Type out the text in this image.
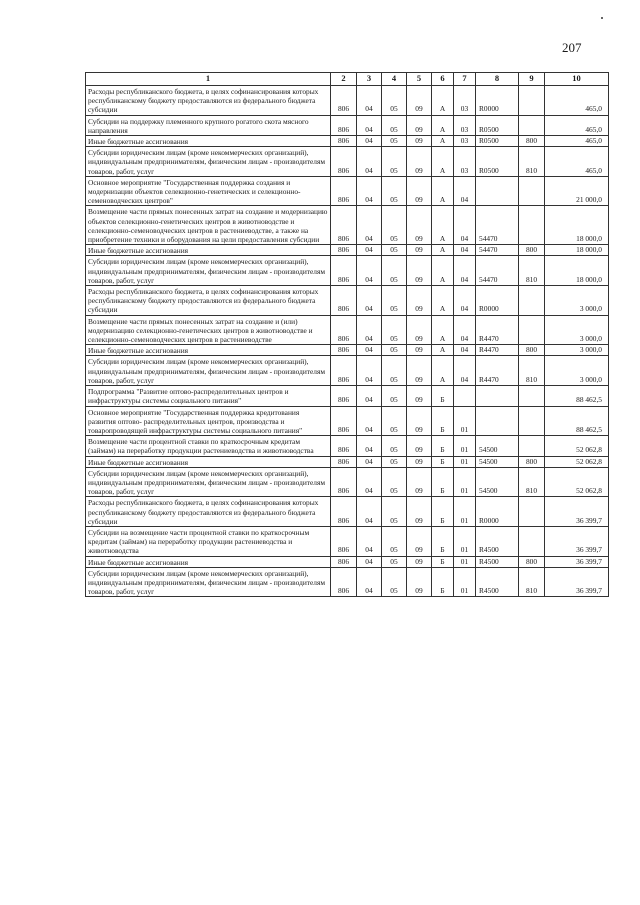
207
1	2	3	4	5	6	7	8	9	10
Расходы республиканского бюджета, в целях софинансирования которых республиканскому бюджету предоставляются из федерального бюджета субсидии	806	04	05	09	А	03	R0000		465,0
Субсидии на поддержку племенного крупного рогатого скота мясного направления	806	04	05	09	А	03	R0500		465,0
Иные бюджетные ассигнования	806	04	05	09	А	03	R0500	800	465,0
Субсидии юридическим лицам (кроме некоммерческих организаций), индивидуальным предпринимателям, физическим лицам - производителям товаров, работ, услуг	806	04	05	09	А	03	R0500	810	465,0
Основное мероприятие "Государственная поддержка создания и модернизации объектов селекционно-генетических и селекционно-семеноводческих центров"	806	04	05	09	А	04			21 000,0
Возмещение части прямых понесенных затрат на создание и модернизацию объектов селекционно-генетических центров в животноводстве и селекционно-семеноводческих центров в растениеводстве, а также на приобретение техники и оборудования на цели предоставления субсидии	806	04	05	09	А	04	54470		18 000,0
Иные бюджетные ассигнования	806	04	05	09	А	04	54470	800	18 000,0
Субсидии юридическим лицам (кроме некоммерческих организаций), индивидуальным предпринимателям, физическим лицам - производителям товаров, работ, услуг	806	04	05	09	А	04	54470	810	18 000,0
Расходы республиканского бюджета, в целях софинансирования которых республиканскому бюджету предоставляются из федерального бюджета субсидии	806	04	05	09	А	04	R0000		3 000,0
Возмещение части прямых понесенных затрат на создание и (или) модернизацию селекционно-генетических центров в животноводстве и селекционно-семеноводческих центров в растениеводстве	806	04	05	09	А	04	R4470		3 000,0
Иные бюджетные ассигнования	806	04	05	09	А	04	R4470	800	3 000,0
Субсидии юридическим лицам (кроме некоммерческих организаций), индивидуальным предпринимателям, физическим лицам - производителям товаров, работ, услуг	806	04	05	09	А	04	R4470	810	3 000,0
Подпрограмма "Развитие оптово-распределительных центров и инфраструктуры системы социального питания"	806	04	05	09	Б				88 462,5
Основное мероприятие "Государственная поддержка кредитования развития оптово- распределительных центров, производства и товаропроводящей инфраструктуры системы социального питания"	806	04	05	09	Б	01			88 462,5
Возмещение части процентной ставки по краткосрочным кредитам (займам) на переработку продукции растениеводства и животноводства	806	04	05	09	Б	01	54500		52 062,8
Иные бюджетные ассигнования	806	04	05	09	Б	01	54500	800	52 062,8
Субсидии юридическим лицам (кроме некоммерческих организаций), индивидуальным предпринимателям, физическим лицам - производителям товаров, работ, услуг	806	04	05	09	Б	01	54500	810	52 062,8
Расходы республиканского бюджета, в целях софинансирования которых республиканскому бюджету предоставляются из федерального бюджета субсидии	806	04	05	09	Б	01	R0000		36 399,7
Субсидии на возмещение части процентной ставки по краткосрочным кредитам (займам) на переработку продукции растениеводства и животноводства	806	04	05	09	Б	01	R4500		36 399,7
Иные бюджетные ассигнования	806	04	05	09	Б	01	R4500	800	36 399,7
Субсидии юридическим лицам (кроме некоммерческих организаций), индивидуальным предпринимателям, физическим лицам - производителям товаров, работ, услуг	806	04	05	09	Б	01	R4500	810	36 399,7
